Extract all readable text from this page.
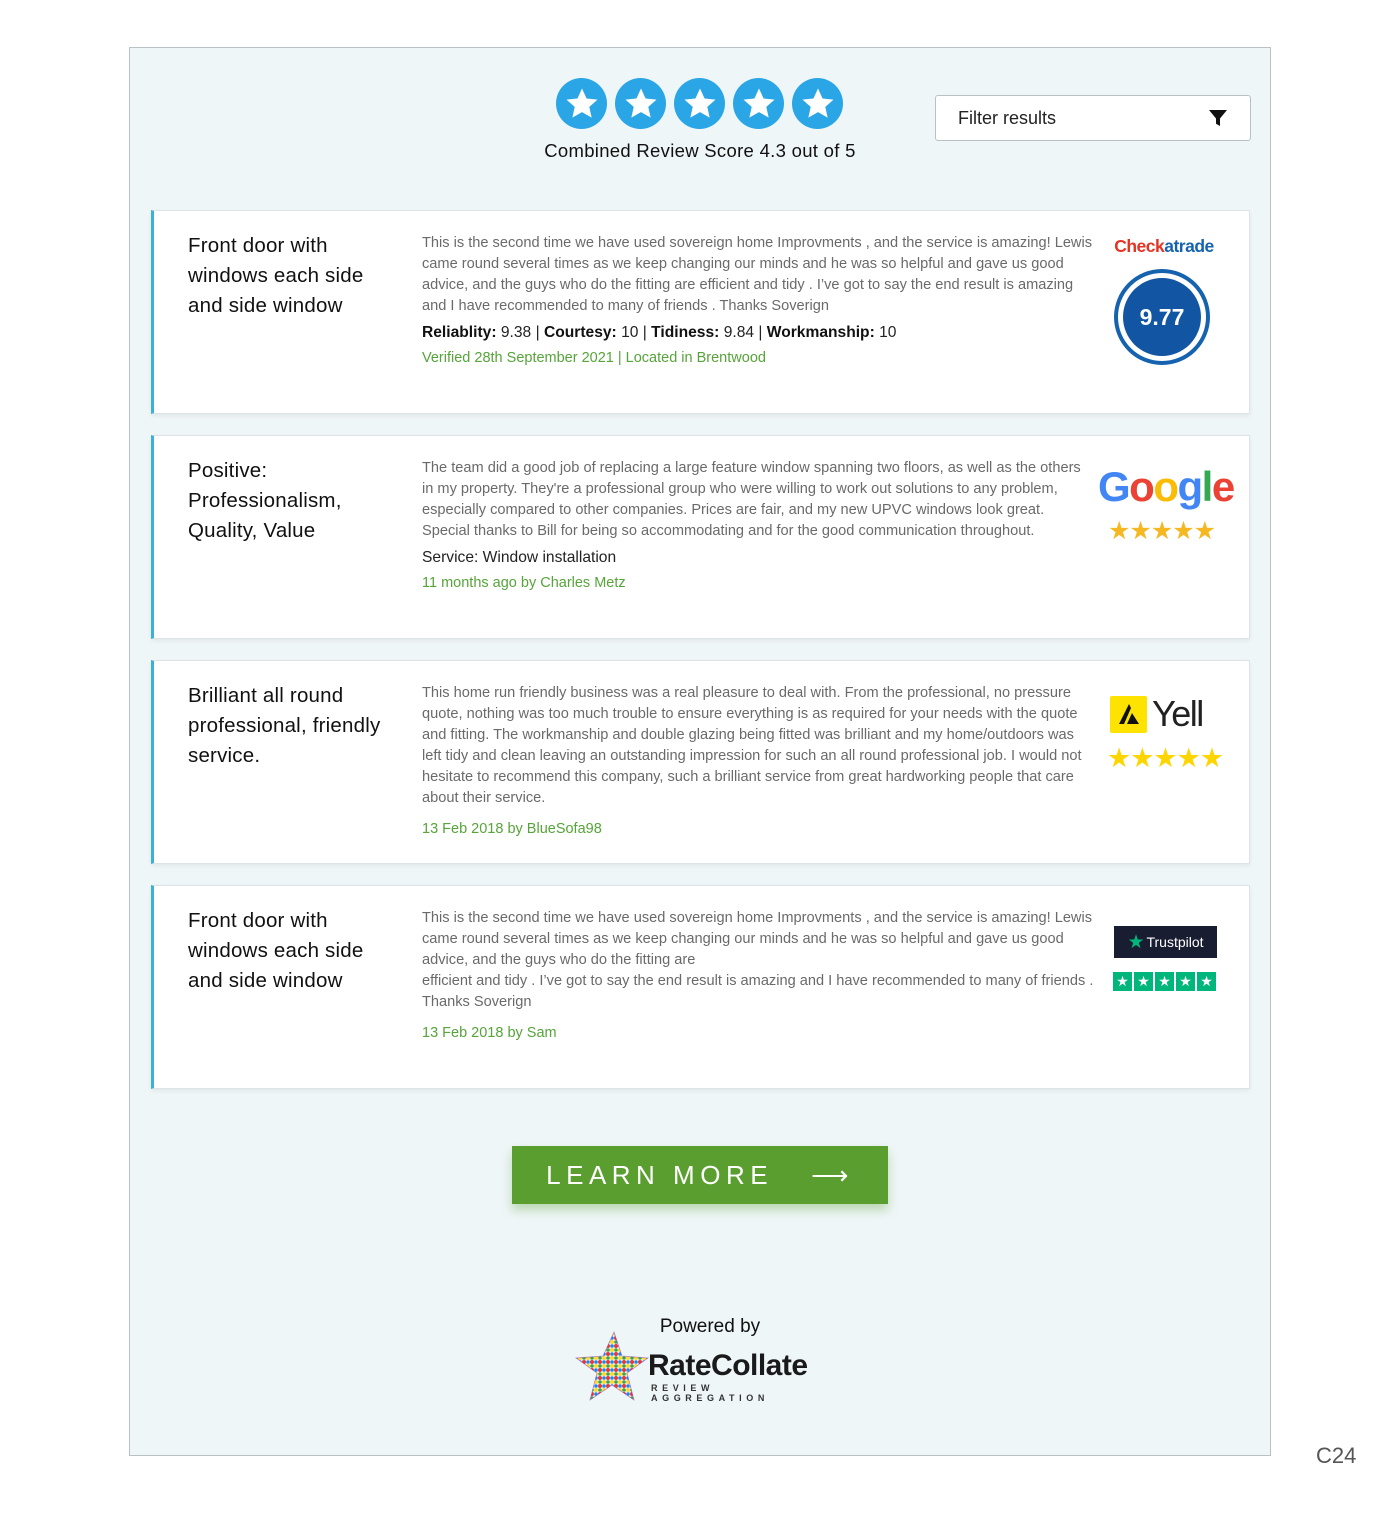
Combined Review Score 4.3 out of 5
Filter results
Front door with windows each side and side window
This is the second time we have used sovereign home Improvments , and the service is amazing! Lewis came round several times as we keep changing our minds and he was so helpful and gave us good advice, and the guys who do the fitting are efficient and tidy . I’ve got to say the end result is amazing and I have recommended to many of friends . Thanks Soverign
Reliablity: 9.38 | Courtesy: 10 | Tidiness: 9.84 | Workmanship: 10
Verified 28th September 2021 | Located in Brentwood
Checkatrade
9.77
Positive: Professionalism, Quality, Value
The team did a good job of replacing a large feature window spanning two floors, as well as the others in my property. They're a professional group who were willing to work out solutions to any problem, especially compared to other companies. Prices are fair, and my new UPVC windows look great. Special thanks to Bill for being so accommodating and for the good communication throughout.
Service: Window installation
11 months ago by Charles Metz
Google
★★★★★
Brilliant all round professional, friendly service.
This home run friendly business was a real pleasure to deal with. From the professional, no pressure quote, nothing was too much trouble to ensure everything is as required for your needs with the quote and fitting. The workmanship and double glazing being fitted was brilliant and my home/outdoors was left tidy and clean leaving an outstanding impression for such an all round professional job. I would not hesitate to recommend this company, such a brilliant service from great hardworking people that care about their service.
13 Feb 2018 by BlueSofa98
Yell
★★★★★
Front door with windows each side and side window
This is the second time we have used sovereign home Improvments , and the service is amazing! Lewis came round several times as we keep changing our minds and he was so helpful and gave us good advice, and the guys who do the fitting are
efficient and tidy . I’ve got to say the end result is amazing and I have recommended to many of friends . Thanks Soverign
13 Feb 2018 by Sam
★ Trustpilot
★ ★ ★ ★ ★
LEARN MORE ⟶
Powered by
RateCollate
REVIEW AGGREGATION
C24
